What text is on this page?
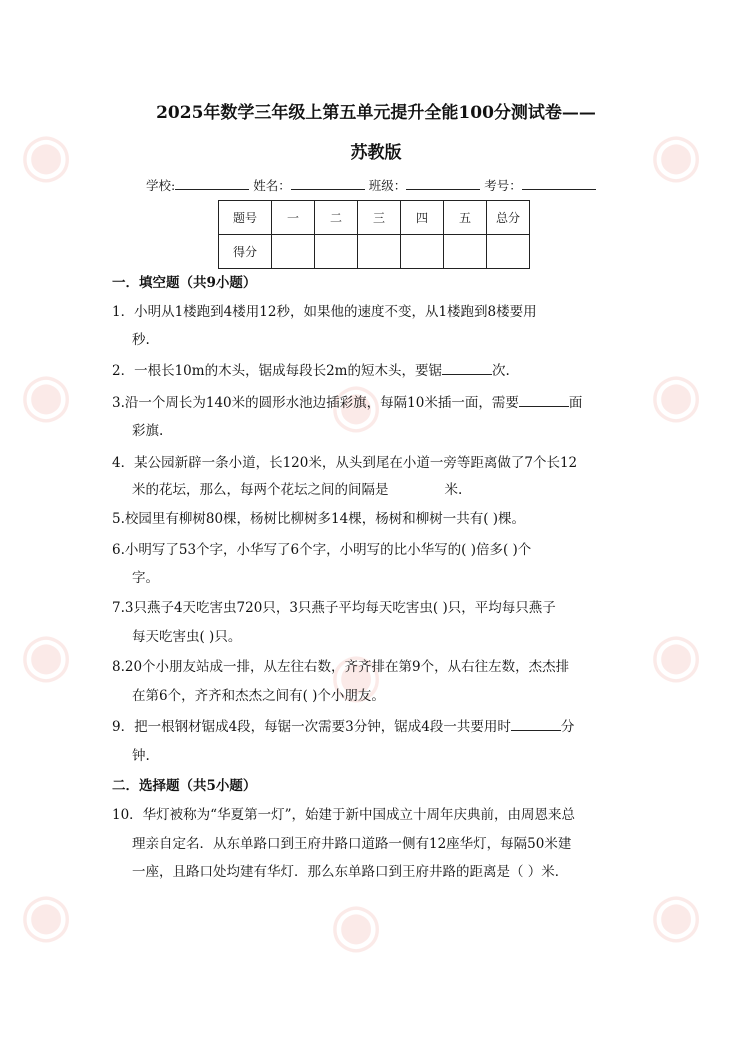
◉
◉
◉
◉
◉
◉
◉
◉
◉
◉
◉
2025年数学三年级上第五单元提升全能100分测试卷——
苏教版
学校:	姓名：	班级：	考号：
题号	一	二	三	四	五	总分
得分						
一．填空题（共9小题）
1．小明从1楼跑到4楼用12秒，如果他的速度不变，从1楼跑到8楼要用
秒.
2．一根长10m的木头，锯成每段长2m的短木头，要锯	次.
3.沿一个周长为140米的圆形水池边插彩旗，每隔10米插一面，需要	面
彩旗.
4．某公园新辟一条小道，长120米，从头到尾在小道一旁等距离做了7个长12
米的花坛，那么，每两个花坛之间的间隔是	米.
5.校园里有柳树80棵，杨树比柳树多14棵，杨树和柳树一共有( )棵。
6.小明写了53个字，小华写了6个字，小明写的比小华写的( )倍多( )个
字。
7.3只燕子4天吃害虫720只，3只燕子平均每天吃害虫( )只，平均每只燕子
每天吃害虫( )只。
8.20个小朋友站成一排，从左往右数，齐齐排在第9个，从右往左数，杰杰排
在第6个，齐齐和杰杰之间有( )个小朋友。
9．把一根钢材锯成4段，每锯一次需要3分钟，锯成4段一共要用时	分
钟.
二．选择题（共5小题）
10．华灯被称为“华夏第一灯”，始建于新中国成立十周年庆典前，由周恩来总
理亲自定名．从东单路口到王府井路口道路一侧有12座华灯，每隔50米建
一座，且路口处均建有华灯．那么东单路口到王府井路的距离是（ ）米．
